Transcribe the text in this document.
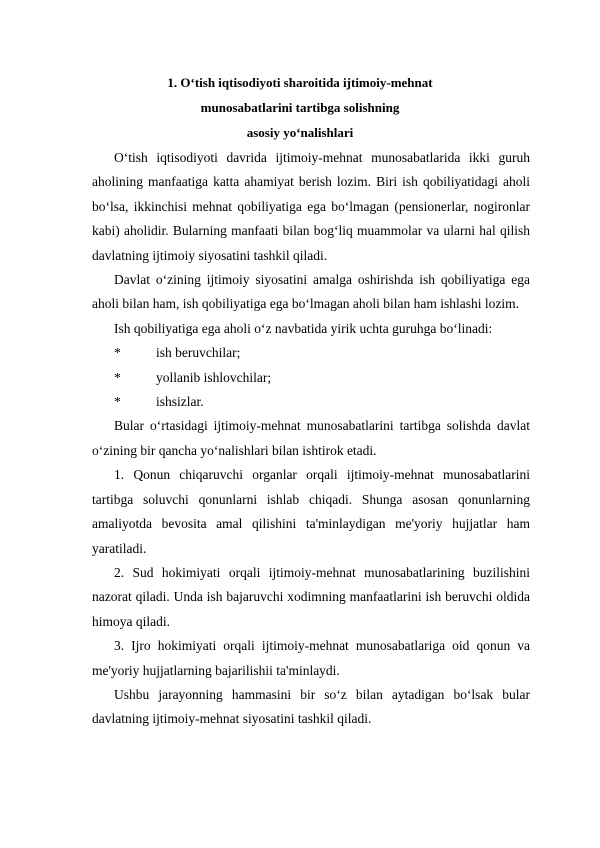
1. O‘tish iqtisodiyoti sharoitida ijtimoiy-mehnat
munosabatlarini tartibga solishning
asosiy yo‘nalishlari

O‘tish iqtisodiyoti davrida ijtimoiy-mehnat munosabatlarida ikki guruh aholining manfaatiga katta ahamiyat berish lozim. Biri ish qobiliyatidagi aholi bo‘lsa, ikkinchisi mehnat qobiliyatiga ega bo‘lmagan (pensionerlar, nogironlar kabi) aholidir. Bularning manfaati bilan bog‘liq muammolar va ularni hal qilish davlatning ijtimoiy siyosatini tashkil qiladi.

Davlat o‘zining ijtimoiy siyosatini amalga oshirishda ish qobiliyatiga ega aholi bilan ham, ish qobiliyatiga ega bo‘lmagan aholi bilan ham ishlashi lozim.

Ish qobiliyatiga ega aholi o‘z navbatida yirik uchta guruhga bo‘linadi:

*	ish beruvchilar;
*	yollanib ishlovchilar;
*	ishsizlar.

Bular o‘rtasidagi ijtimoiy-mehnat munosabatlarini tartibga solishda davlat o‘zining bir qancha yo‘nalishlari bilan ishtirok etadi.

1. Qonun chiqaruvchi organlar orqali ijtimoiy-mehnat munosabatlarini tartibga soluvchi qonunlarni ishlab chiqadi. Shunga asosan qonunlarning amaliyotda bevosita amal qilishini ta'minlaydigan me'yoriy hujjatlar ham yaratiladi.

2. Sud hokimiyati orqali ijtimoiy-mehnat munosabatlarining buzilishini nazorat qiladi. Unda ish bajaruvchi xodimning manfaatlarini ish beruvchi oldida himoya qiladi.

3. Ijro hokimiyati orqali ijtimoiy-mehnat munosabatlariga oid qonun va me'yoriy hujjatlarning bajarilishii ta'minlaydi.

Ushbu jarayonning hammasini bir so‘z bilan aytadigan bo‘lsak bular davlatning ijtimoiy-mehnat siyosatini tashkil qiladi.
